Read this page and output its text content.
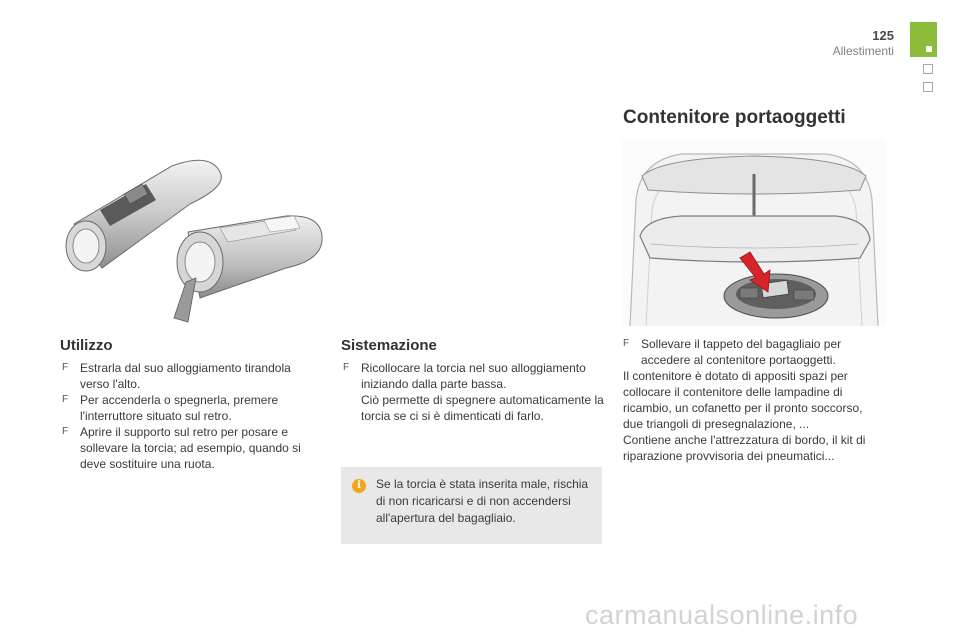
125
Allestimenti
Utilizzo
F Estrarla dal suo alloggiamento tirandola verso l'alto.
F Per accenderla o spegnerla, premere l'interruttore situato sul retro.
F Aprire il supporto sul retro per posare e sollevare la torcia; ad esempio, quando si deve sostituire una ruota.
Sistemazione
F Ricollocare la torcia nel suo alloggiamento iniziando dalla parte bassa.
Ciò permette di spegnere automaticamente la torcia se ci si è dimenticati di farlo.
i	Se la torcia è stata inserita male, rischia di non ricaricarsi e di non accendersi all'apertura del bagagliaio.
Contenitore portaoggetti
F Sollevare il tappeto del bagagliaio per accedere al contenitore portaoggetti.

Il contenitore è dotato di appositi spazi per collocare il contenitore delle lampadine di ricambio, un cofanetto per il pronto soccorso, due triangoli di presegnalazione, ...

Contiene anche l'attrezzatura di bordo, il kit di riparazione provvisoria dei pneumatici...

carmanualsonline.info
